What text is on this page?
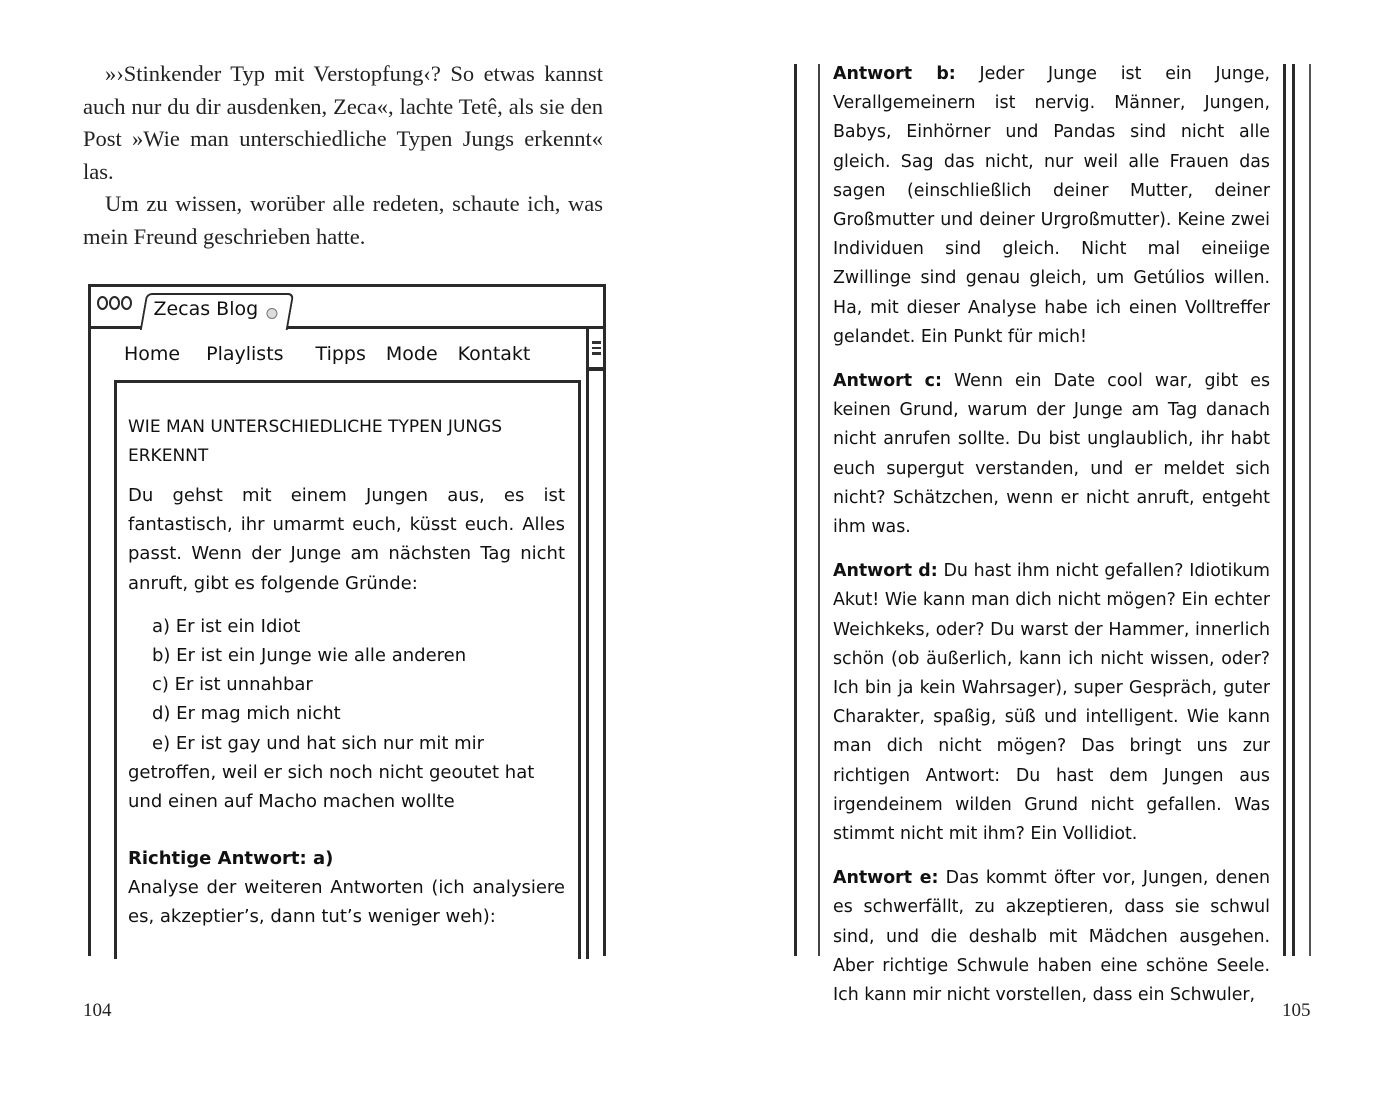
»›Stinkender Typ mit Verstopfung‹? So etwas kannst auch nur du dir ausdenken, Zeca«, lachte Tetê, als sie den Post »Wie man unterschiedliche Typen Jungs erkennt« las.

Um zu wissen, worüber alle redeten, schaute ich, was mein Freund geschrieben hatte.

Zecas Blog
Home Playlists Tipps Mode Kontakt
WIE MAN UNTERSCHIEDLICHE TYPEN JUNGS ERKENNT
Du gehst mit einem Jungen aus, es ist fantastisch, ihr umarmt euch, küsst euch. Alles passt. Wenn der Junge am nächsten Tag nicht anruft, gibt es folgende Gründe:
a) Er ist ein Idiot
b) Er ist ein Junge wie alle anderen
c) Er ist unnahbar
d) Er mag mich nicht
e) Er ist gay und hat sich nur mit mir getroffen, weil er sich noch nicht geoutet hat und einen auf Macho machen wollte
Richtige Antwort: a)
Analyse der weiteren Antworten (ich analysiere es, akzeptier’s, dann tut’s weniger weh):
104

Antwort b: Jeder Junge ist ein Junge, Verallgemeinern ist nervig. Männer, Jungen, Babys, Einhörner und Pandas sind nicht alle gleich. Sag das nicht, nur weil alle Frauen das sagen (einschließlich deiner Mutter, deiner Großmutter und deiner Urgroßmutter). Keine zwei Individuen sind gleich. Nicht mal eineiige Zwillinge sind genau gleich, um Getúlios willen. Ha, mit dieser Analyse habe ich einen Volltreffer gelandet. Ein Punkt für mich!

Antwort c: Wenn ein Date cool war, gibt es keinen Grund, warum der Junge am Tag danach nicht anrufen sollte. Du bist unglaublich, ihr habt euch supergut verstanden, und er meldet sich nicht? Schätzchen, wenn er nicht anruft, entgeht ihm was.

Antwort d: Du hast ihm nicht gefallen? Idiotikum Akut! Wie kann man dich nicht mögen? Ein echter Weichkeks, oder? Du warst der Hammer, innerlich schön (ob äußerlich, kann ich nicht wissen, oder? Ich bin ja kein Wahrsager), super Gespräch, guter Charakter, spaßig, süß und intelligent. Wie kann man dich nicht mögen? Das bringt uns zur richtigen Antwort: Du hast dem Jungen aus irgendeinem wilden Grund nicht gefallen. Was stimmt nicht mit ihm? Ein Vollidiot.

Antwort e: Das kommt öfter vor, Jungen, denen es schwerfällt, zu akzeptieren, dass sie schwul sind, und die deshalb mit Mädchen ausgehen. Aber richtige Schwule haben eine schöne Seele. Ich kann mir nicht vorstellen, dass ein Schwuler,

105
